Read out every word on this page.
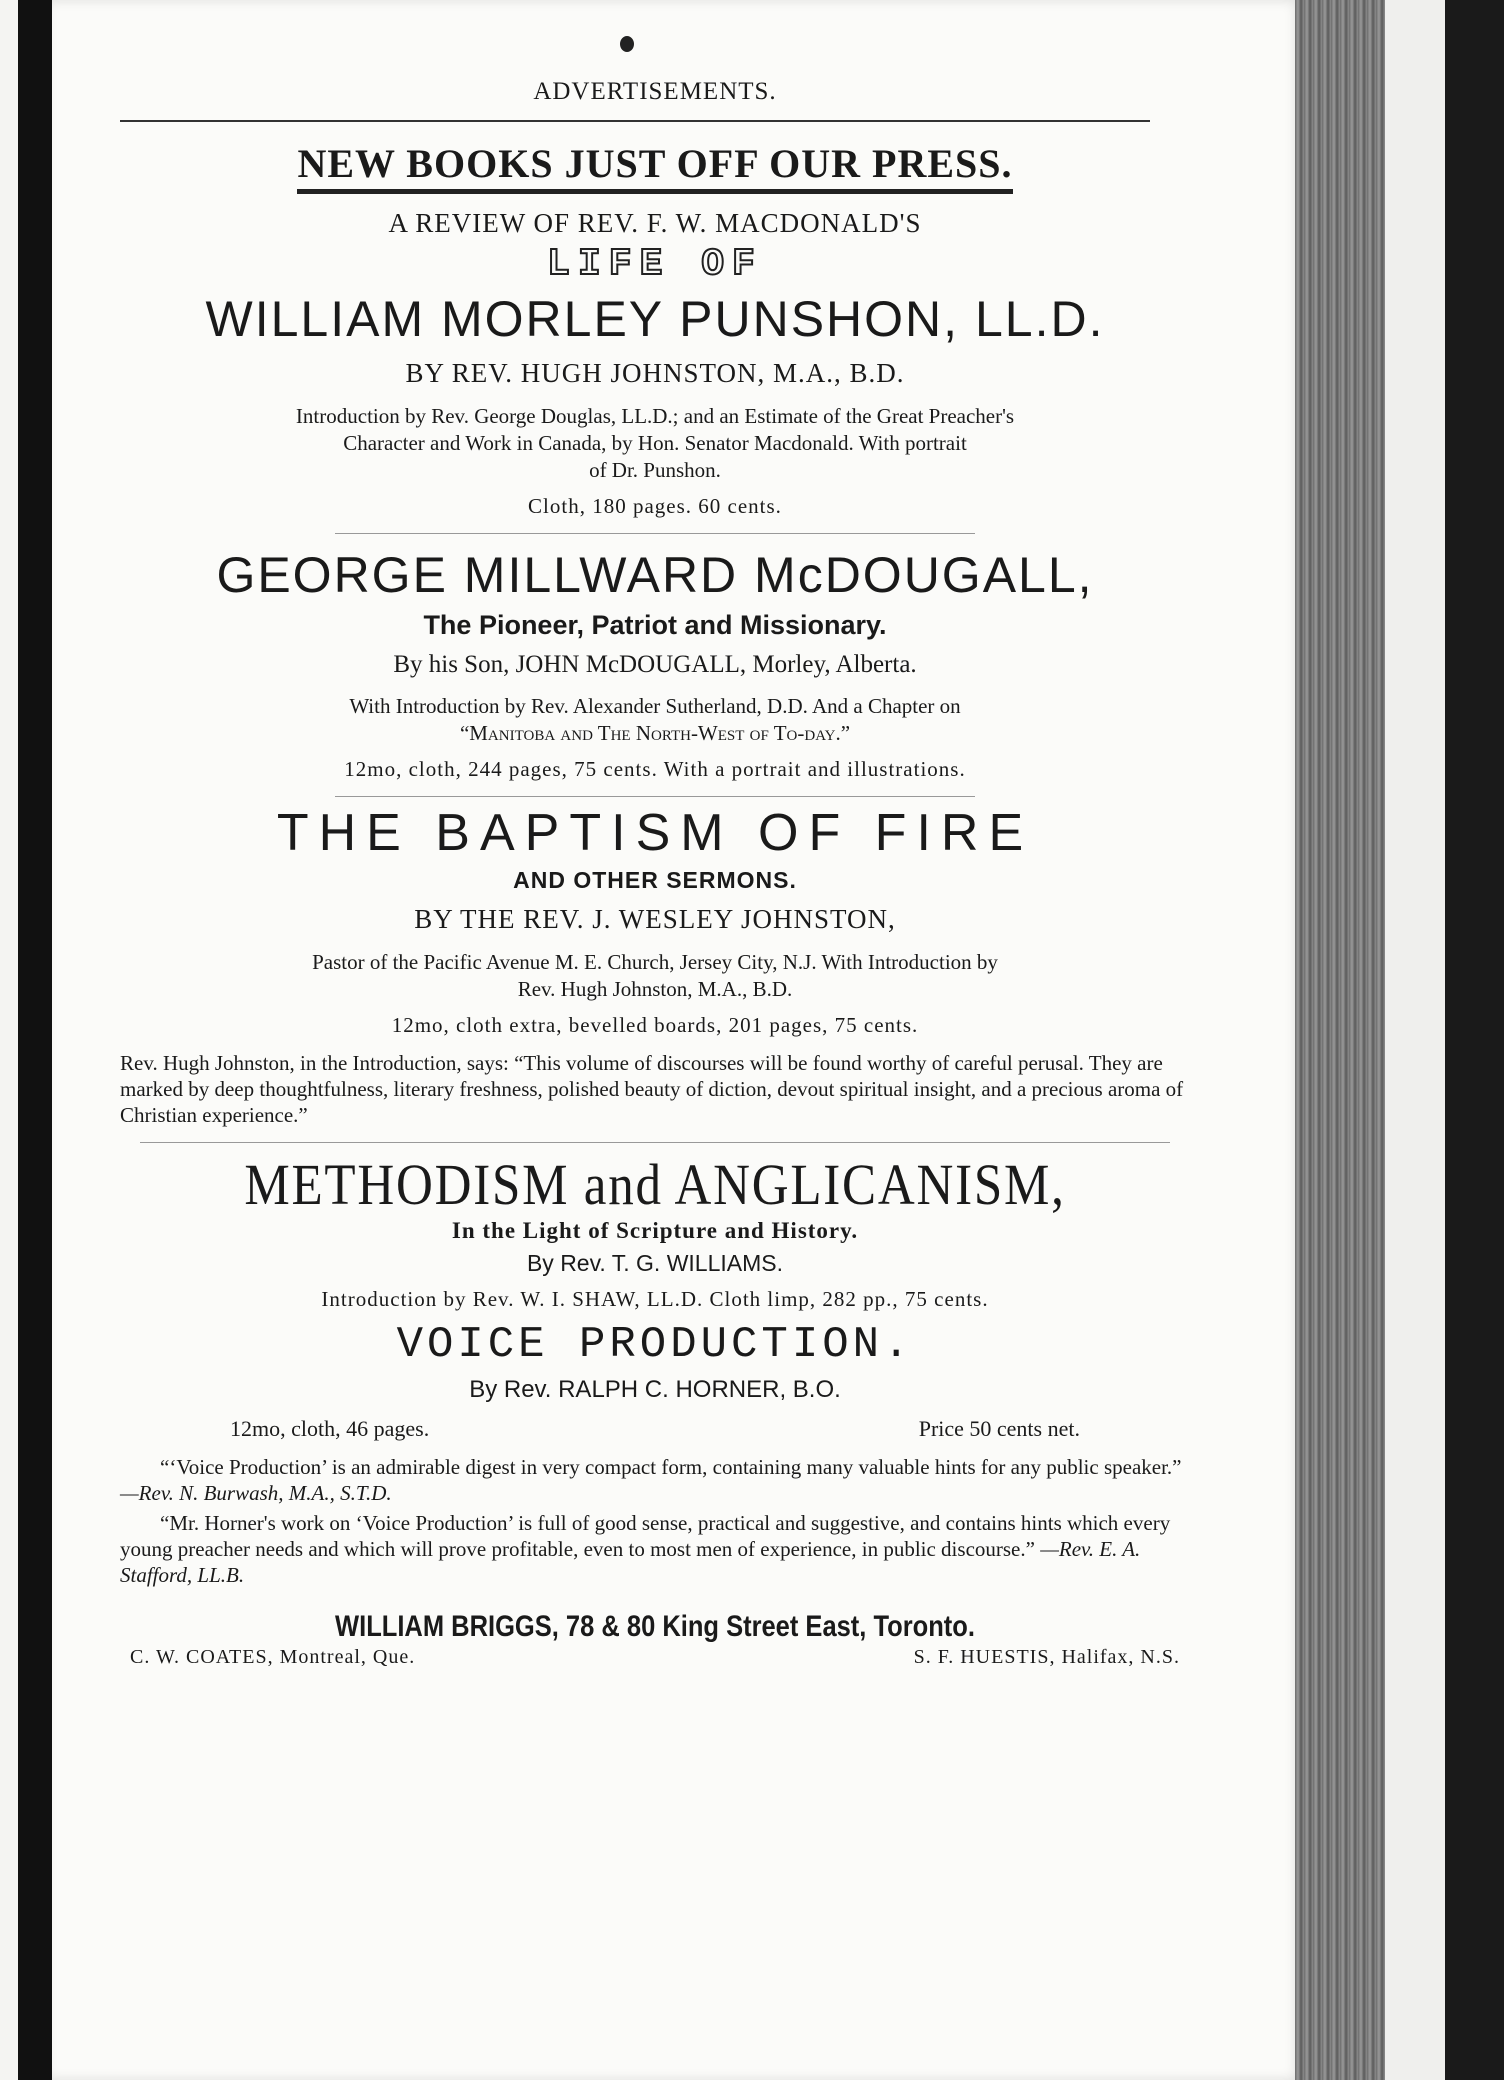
ADVERTISEMENTS.
NEW BOOKS JUST OFF OUR PRESS.
A REVIEW OF REV. F. W. MACDONALD'S
LIFE OF
WILLIAM MORLEY PUNSHON, LL.D.
BY REV. HUGH JOHNSTON, M.A., B.D.
Introduction by Rev. George Douglas, LL.D.; and an Estimate of the Great Preacher's
Character and Work in Canada, by Hon. Senator Macdonald. With portrait
of Dr. Punshon.
Cloth, 180 pages. 60 cents.
GEORGE MILLWARD McDOUGALL,
The Pioneer, Patriot and Missionary.
By his Son, JOHN McDOUGALL, Morley, Alberta.
With Introduction by Rev. Alexander Sutherland, D.D. And a Chapter on
“Manitoba and The North-West of To-day.”
12mo, cloth, 244 pages, 75 cents. With a portrait and illustrations.
THE BAPTISM OF FIRE
AND OTHER SERMONS.
BY THE REV. J. WESLEY JOHNSTON,
Pastor of the Pacific Avenue M. E. Church, Jersey City, N.J. With Introduction by
Rev. Hugh Johnston, M.A., B.D.
12mo, cloth extra, bevelled boards, 201 pages, 75 cents.
Rev. Hugh Johnston, in the Introduction, says: “This volume of discourses will be found worthy of careful perusal. They are marked by deep thoughtfulness, literary freshness, polished beauty of diction, devout spiritual insight, and a precious aroma of Christian experience.”
METHODISM and ANGLICANISM,
In the Light of Scripture and History.
By Rev. T. G. WILLIAMS.
Introduction by Rev. W. I. SHAW, LL.D. Cloth limp, 282 pp., 75 cents.
VOICE PRODUCTION.
By Rev. RALPH C. HORNER, B.O.
12mo, cloth, 46 pages.	Price 50 cents net.
“‘Voice Production’ is an admirable digest in very compact form, containing many valuable hints for any public speaker.” —Rev. N. Burwash, M.A., S.T.D.
“Mr. Horner's work on ‘Voice Production’ is full of good sense, practical and suggestive, and contains hints which every young preacher needs and which will prove profitable, even to most men of experience, in public discourse.” —Rev. E. A. Stafford, LL.B.
WILLIAM BRIGGS, 78 & 80 King Street East, Toronto.
C. W. COATES, Montreal, Que.	S. F. HUESTIS, Halifax, N.S.
